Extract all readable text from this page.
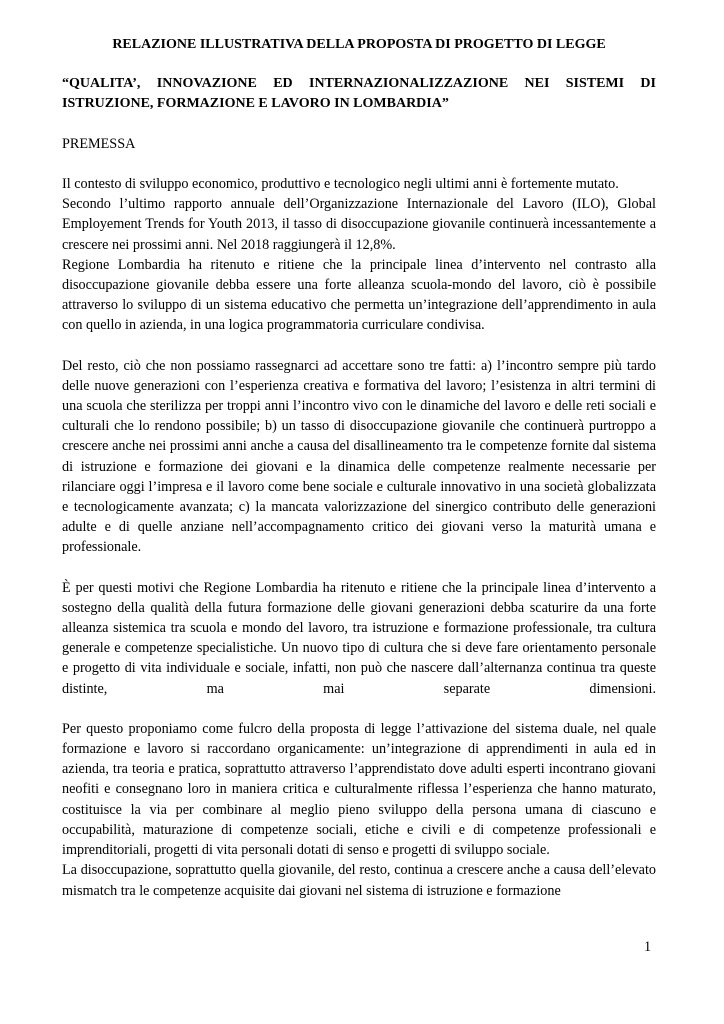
RELAZIONE ILLUSTRATIVA DELLA PROPOSTA DI PROGETTO DI LEGGE
“QUALITA’, INNOVAZIONE ED INTERNAZIONALIZZAZIONE NEI SISTEMI DI ISTRUZIONE, FORMAZIONE E LAVORO IN LOMBARDIA”
PREMESSA

Il contesto di sviluppo economico, produttivo e tecnologico negli ultimi anni è fortemente mutato.

Secondo l’ultimo rapporto annuale dell’Organizzazione Internazionale del Lavoro (ILO), Global Employement Trends for Youth 2013, il tasso di disoccupazione giovanile continuerà incessantemente a crescere nei prossimi anni. Nel 2018 raggiungerà il 12,8%.

Regione Lombardia ha ritenuto e ritiene che la principale linea d’intervento nel contrasto alla disoccupazione giovanile debba essere una forte alleanza scuola-mondo del lavoro, ciò è possibile attraverso lo sviluppo di un sistema educativo che permetta un’integrazione dell’apprendimento in aula con quello in azienda, in una logica programmatoria curriculare condivisa.

Del resto, ciò che non possiamo rassegnarci ad accettare sono tre fatti: a) l’incontro sempre più tardo delle nuove generazioni con l’esperienza creativa e formativa del lavoro; l’esistenza in altri termini di una scuola che sterilizza per troppi anni l’incontro vivo con le dinamiche del lavoro e delle reti sociali e culturali che lo rendono possibile; b) un tasso di disoccupazione giovanile che continuerà purtroppo a crescere anche nei prossimi anni anche a causa del disallineamento tra le competenze fornite dal sistema di istruzione e formazione dei giovani e la dinamica delle competenze realmente necessarie per rilanciare oggi l’impresa e il lavoro come bene sociale e culturale innovativo in una società globalizzata e tecnologicamente avanzata; c) la mancata valorizzazione del sinergico contributo delle generazioni adulte e di quelle anziane nell’accompagnamento critico dei giovani verso la maturità umana e professionale.

È per questi motivi che Regione Lombardia ha ritenuto e ritiene che la principale linea d’intervento a sostegno della qualità della futura formazione delle giovani generazioni debba scaturire da una forte alleanza sistemica tra scuola e mondo del lavoro, tra istruzione e formazione professionale, tra cultura generale e competenze specialistiche. Un nuovo tipo di cultura che si deve fare orientamento personale e progetto di vita individuale e sociale, infatti, non può che nascere dall’alternanza continua tra queste distinte, ma mai separate dimensioni.

Per questo proponiamo come fulcro della proposta di legge l’attivazione del sistema duale, nel quale formazione e lavoro si raccordano organicamente: un’integrazione di apprendimenti in aula ed in azienda, tra teoria e pratica, soprattutto attraverso l’apprendistato dove adulti esperti incontrano giovani neofiti e consegnano loro in maniera critica e culturalmente riflessa l’esperienza che hanno maturato, costituisce la via per combinare al meglio pieno sviluppo della persona umana di ciascuno e occupabilità, maturazione di competenze sociali, etiche e civili e di competenze professionali e imprenditoriali, progetti di vita personali dotati di senso e progetti di sviluppo sociale.

La disoccupazione, soprattutto quella giovanile, del resto, continua a crescere anche a causa dell’elevato mismatch tra le competenze acquisite dai giovani nel sistema di istruzione e formazione

1
